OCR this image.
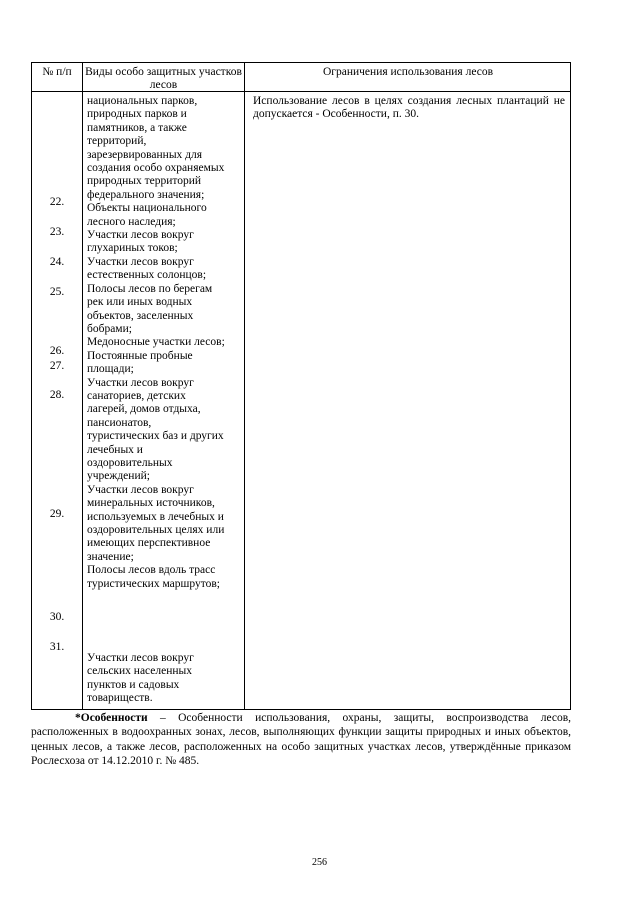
№ п/п	Виды особо защитных участков лесов

Ограничения использования лесов

22.
23.
24.
25.
26.
27.
28.
29.
30.
31.

национальных парков,
природных парков и
памятников, а также
территорий,
зарезервированных для
создания особо охраняемых
природных территорий
федерального значения;
Объекты национального
лесного наследия;
Участки лесов вокруг
глухариных токов;
Участки лесов вокруг
естественных солонцов;
Полосы лесов по берегам
рек или иных водных
объектов, заселенных
бобрами;
Медоносные участки лесов;
Постоянные пробные
площади;
Участки лесов вокруг
санаториев, детских
лагерей, домов отдыха,
пансионатов,
туристических баз и других
лечебных и
оздоровительных
учреждений;
Участки лесов вокруг
минеральных источников,
используемых в лечебных и
оздоровительных целях или
имеющих перспективное
значение;
Полосы лесов вдоль трасс
туристических маршрутов;

Участки лесов вокруг
сельских населенных
пунктов и садовых
товариществ.

Использование лесов в целях создания лесных плантаций не допускается - Особенности, п. 30.

*Особенности – Особенности использования, охраны, защиты, воспроизводства лесов, расположенных в водоохранных зонах, лесов, выполняющих функции защиты природных и иных объектов, ценных лесов, а также лесов, расположенных на особо защитных участках лесов, утверждённые приказом Рослесхоза от 14.12.2010 г. № 485.

256
